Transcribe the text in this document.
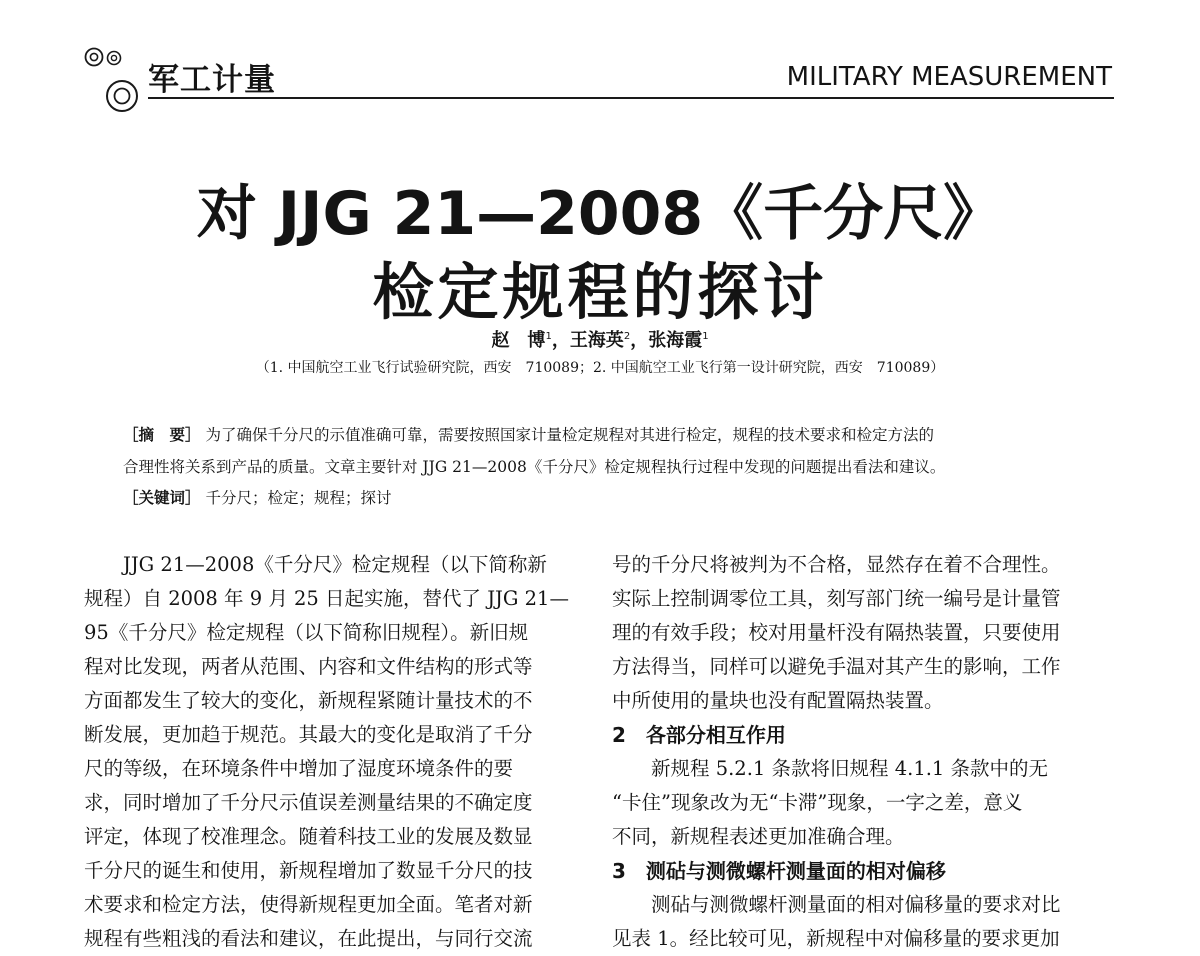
军工计量	MILITARY MEASUREMENT
对 JJG 21—2008《千分尺》
检定规程的探讨
赵　博$^1$，王海英$^2$，张海霞$^1$
（1. 中国航空工业飞行试验研究院，西安　710089；2. 中国航空工业飞行第一设计研究院，西安　710089）
［摘　要］ 为了确保千分尺的示值准确可靠，需要按照国家计量检定规程对其进行检定，规程的技术要求和检定方法的
合理性将关系到产品的质量。文章主要针对 JJG 21—2008《千分尺》检定规程执行过程中发现的问题提出看法和建议。
［关键词］ 千分尺；检定；规程；探讨
　　JJG 21—2008《千分尺》检定规程（以下简称新
规程）自 2008 年 9 月 25 日起实施，替代了 JJG 21—
95《千分尺》检定规程（以下简称旧规程）。新旧规
程对比发现，两者从范围、内容和文件结构的形式等
方面都发生了较大的变化，新规程紧随计量技术的不
断发展，更加趋于规范。其最大的变化是取消了千分
尺的等级，在环境条件中增加了湿度环境条件的要
求，同时增加了千分尺示值误差测量结果的不确定度
评定，体现了校准理念。随着科技工业的发展及数显
千分尺的诞生和使用，新规程增加了数显千分尺的技
术要求和检定方法，使得新规程更加全面。笔者对新
规程有些粗浅的看法和建议，在此提出，与同行交流
号的千分尺将被判为不合格，显然存在着不合理性。
实际上控制调零位工具，刻写部门统一编号是计量管
理的有效手段；校对用量杆没有隔热装置，只要使用
方法得当，同样可以避免手温对其产生的影响，工作
中所使用的量块也没有配置隔热装置。
2　各部分相互作用
　　新规程 5.2.1 条款将旧规程 4.1.1 条款中的无
“卡住”现象改为无“卡滞”现象，一字之差，意义
不同，新规程表述更加准确合理。
3　测砧与测微螺杆测量面的相对偏移
　　测砧与测微螺杆测量面的相对偏移量的要求对比
见表 1。经比较可见，新规程中对偏移量的要求更加
